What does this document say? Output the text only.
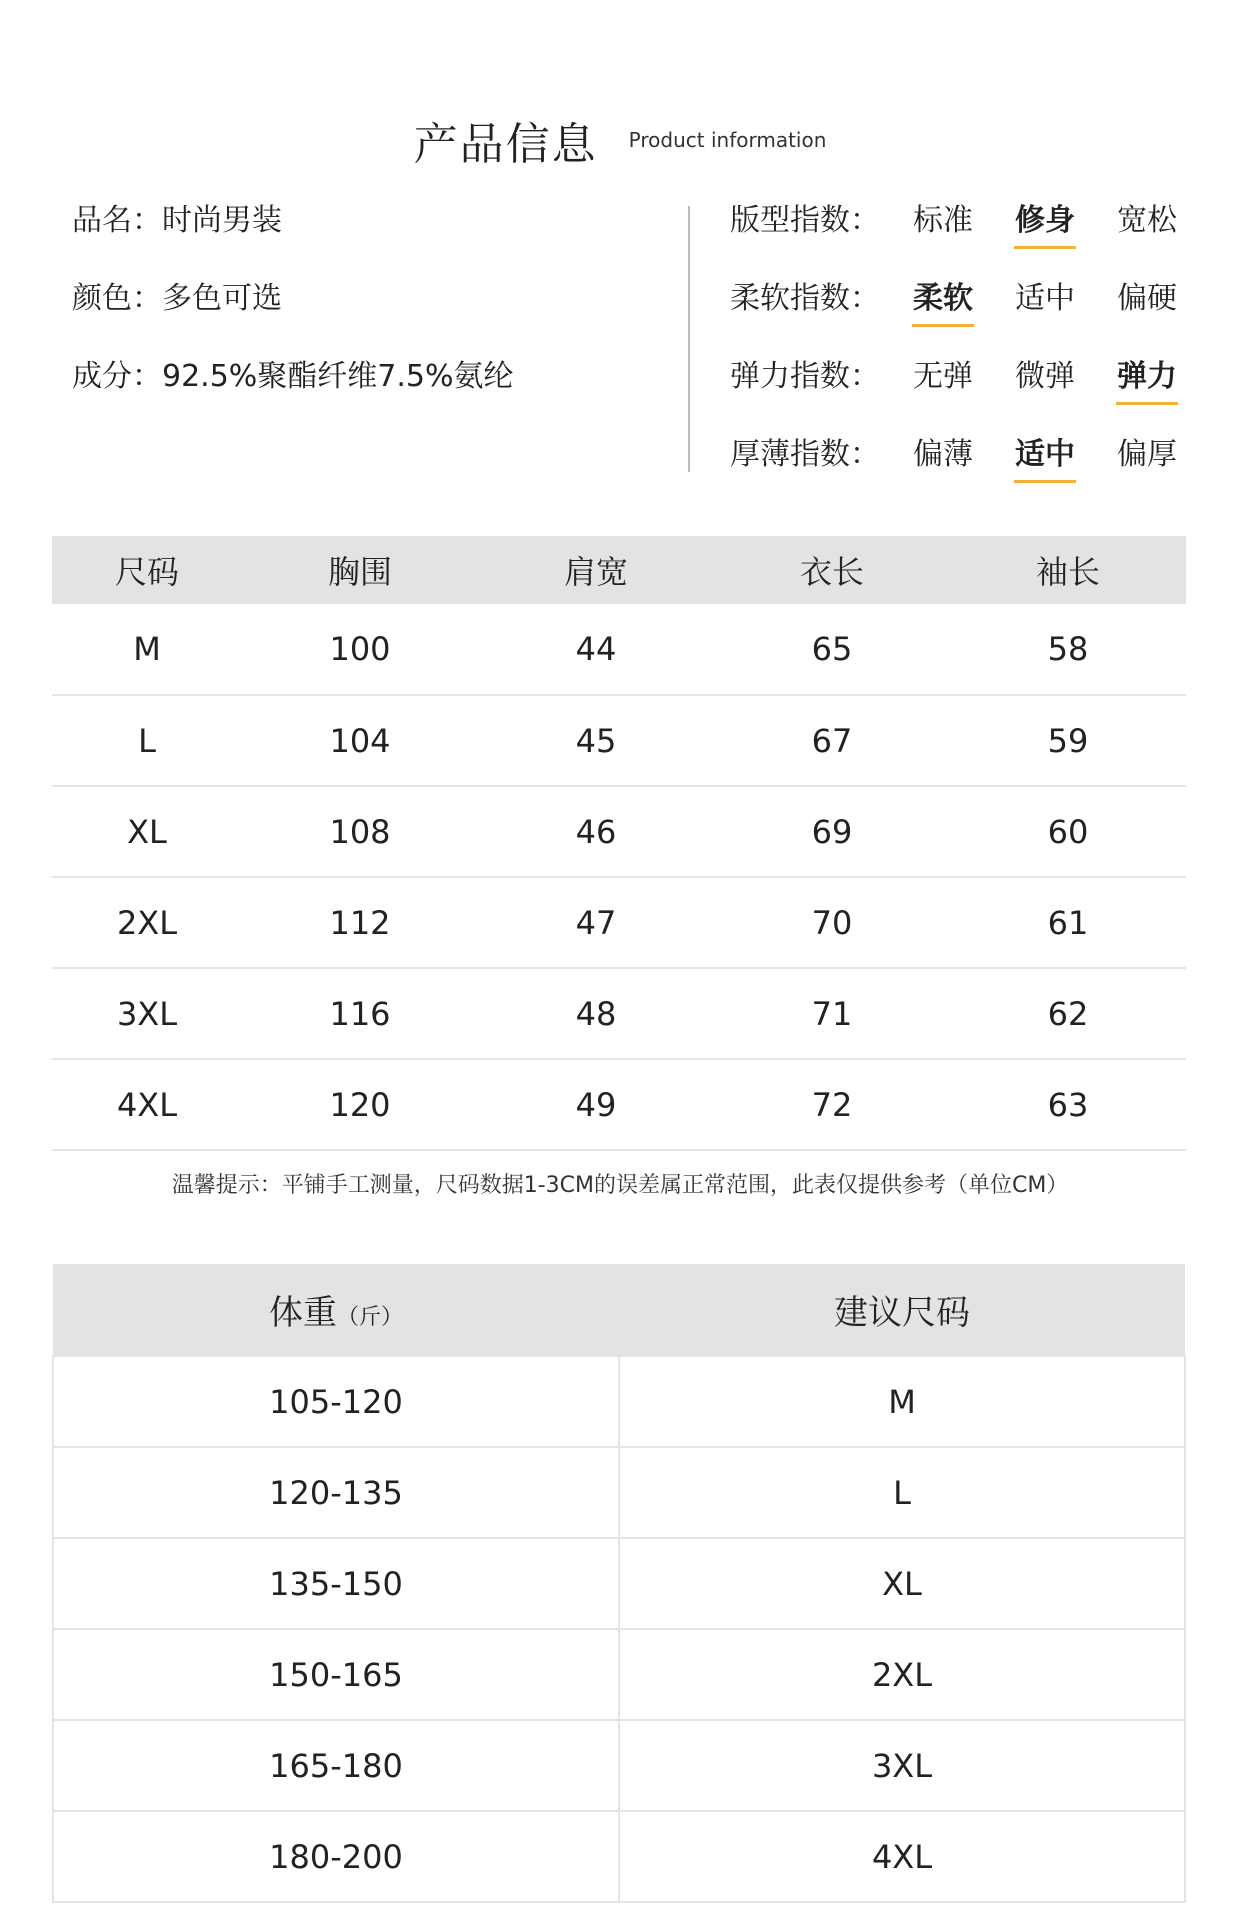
产品信息 Product information
品名：时尚男装
颜色：多色可选
成分：92.5%聚酯纤维7.5%氨纶
版型指数：	标准	修身	宽松
柔软指数：	柔软	适中	偏硬
弹力指数：	无弹	微弹	弹力
厚薄指数：	偏薄	适中	偏厚
尺码	胸围	肩宽	衣长	袖长
M	100	44	65	58
L	104	45	67	59
XL	108	46	69	60
2XL	112	47	70	61
3XL	116	48	71	62
4XL	120	49	72	63
温馨提示：平铺手工测量，尺码数据1-3CM的误差属正常范围，此表仅提供参考（单位CM）
体重（斤）	建议尺码
105-120	M
120-135	L
135-150	XL
150-165	2XL
165-180	3XL
180-200	4XL
